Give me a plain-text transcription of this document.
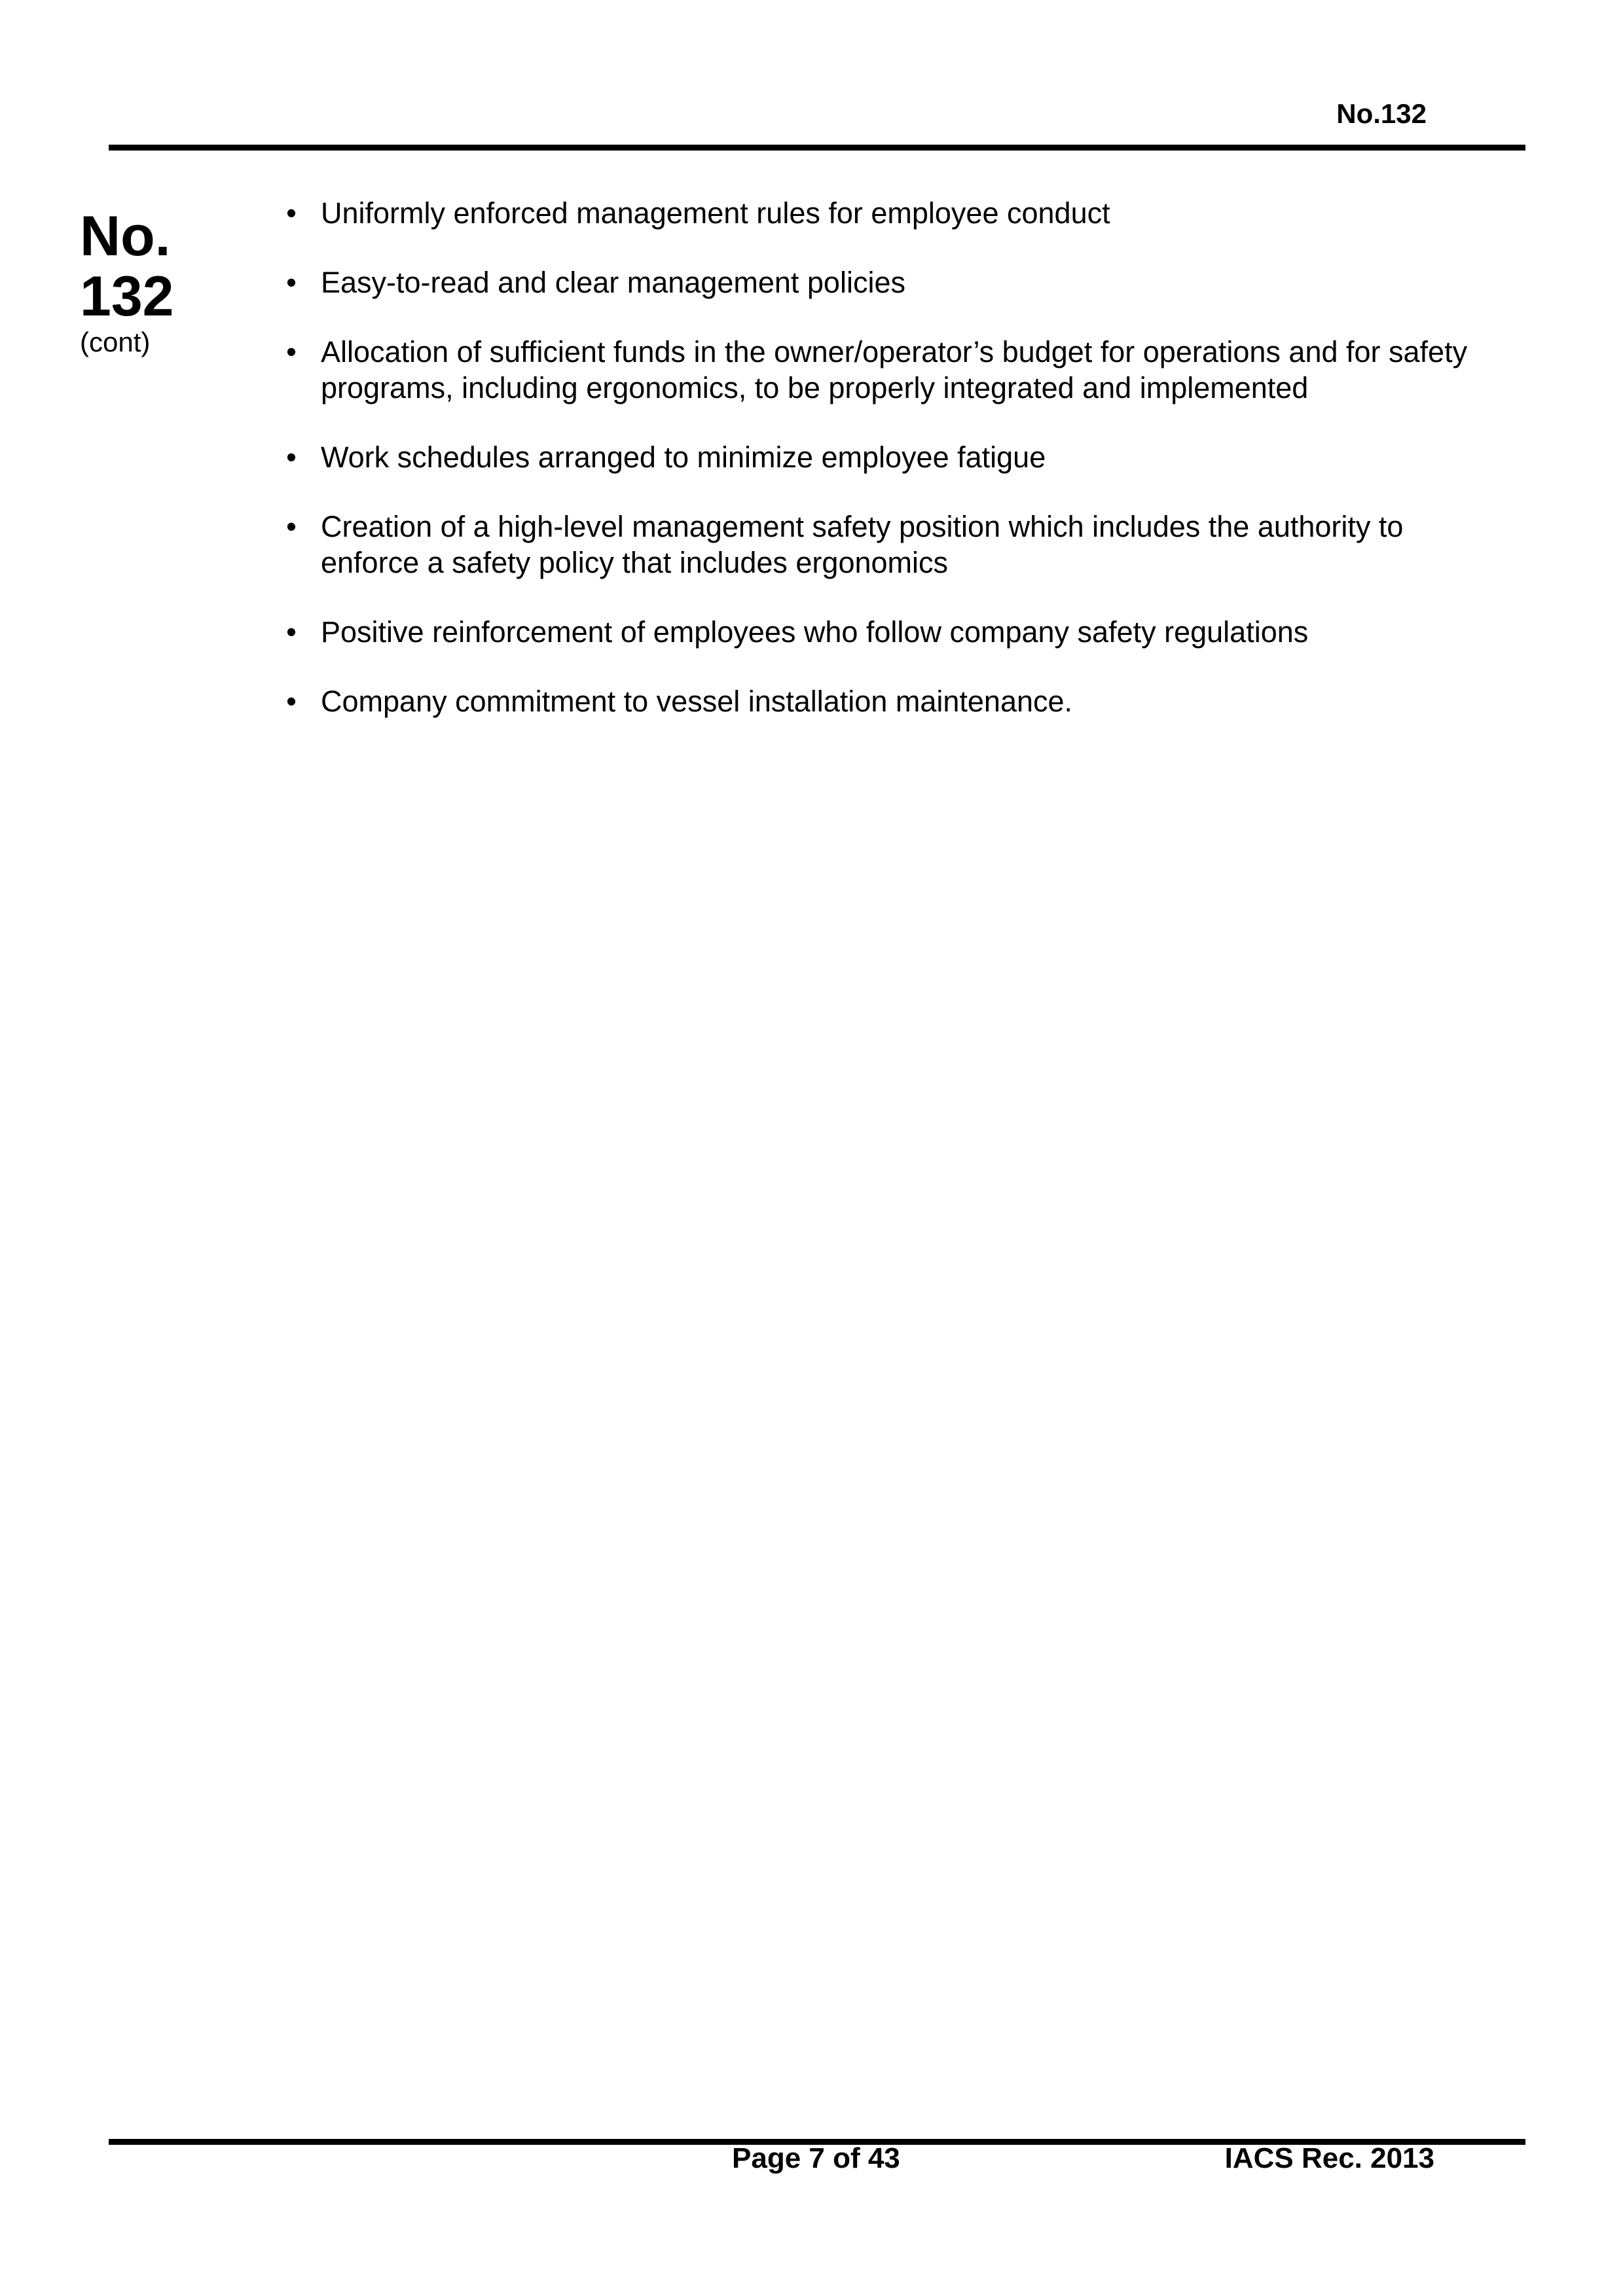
No.132

No.

132

(cont)

• Uniformly enforced management rules for employee conduct
• Easy-to-read and clear management policies
• Allocation of sufficient funds in the owner/operator’s budget for operations and for safety programs, including ergonomics, to be properly integrated and implemented
• Work schedules arranged to minimize employee fatigue
• Creation of a high-level management safety position which includes the authority to enforce a safety policy that includes ergonomics
• Positive reinforcement of employees who follow company safety regulations
• Company commitment to vessel installation maintenance.
Page 7 of 43	IACS Rec. 2013
